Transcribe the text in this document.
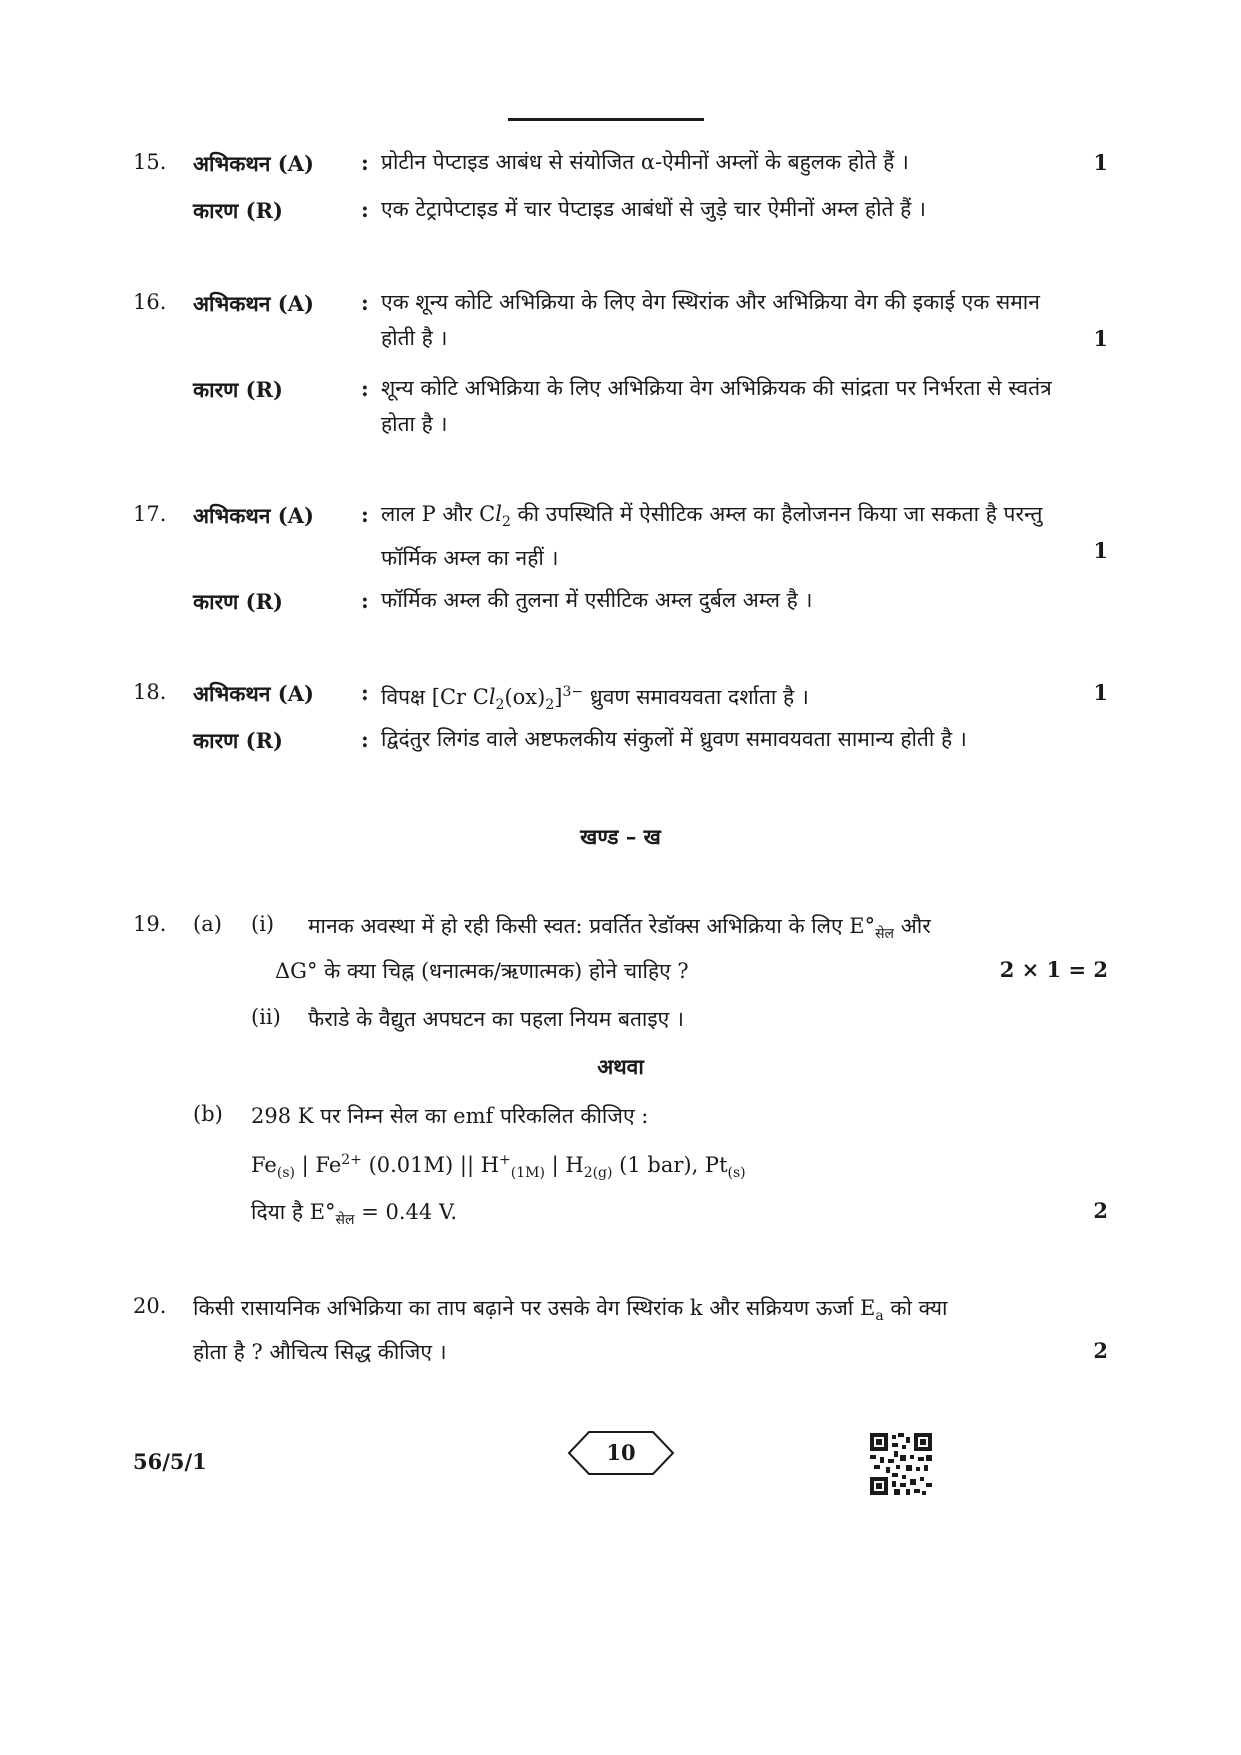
15. अभिकथन (A) : प्रोटीन पेप्टाइड आबंध से संयोजित α-ऐमीनों अम्लों के बहुलक होते हैं ।	1
कारण (R)	: एक टेट्रापेप्टाइड में चार पेप्टाइड आबंधों से जुड़े चार ऐमीनों अम्ल होते हैं ।
16. अभिकथन (A) : एक शून्य कोटि अभिक्रिया के लिए वेग स्थिरांक और अभिक्रिया वेग की इकाई एक समान होती है ।	1
कारण (R)	: शून्य कोटि अभिक्रिया के लिए अभिक्रिया वेग अभिक्रियक की सांद्रता पर निर्भरता से स्वतंत्र होता है ।
17. अभिकथन (A) : लाल P और $Cl_2$ की उपस्थिति में ऐसीटिक अम्ल का हैलोजनन किया जा सकता है परन्तु फॉर्मिक अम्ल का नहीं ।	1
कारण (R)	: फॉर्मिक अम्ल की तुलना में एसीटिक अम्ल दुर्बल अम्ल है ।
18. अभिकथन (A) : विपक्ष [Cr $Cl_2(ox)_2]^{3-}$ ध्रुवण समावयवता दर्शाता है ।	1
कारण (R)	: द्विदंतुर लिगंड वाले अष्टफलकीय संकुलों में ध्रुवण समावयवता सामान्य होती है ।
खण्ड – ख
19. (a) (i) मानक अवस्था में हो रही किसी स्वत: प्रवर्तित रेडॉक्स अभिक्रिया के लिए $E^\circ_{सेल}$ और
ΔG° के क्या चिह्न (धनात्मक/ऋणात्मक) होने चाहिए ?	2 × 1 = 2
(ii) फैराडे के वैद्युत अपघटन का पहला नियम बताइए ।
अथवा
(b) 298 K पर निम्न सेल का emf परिकलित कीजिए :
$Fe_{(s)}$ | $Fe^{2+}$ (0.01M) || $H^+_{(1M)}$ | $H_{2(g)}$ (1 bar), $Pt_{(s)}$
दिया है $E^\circ_{सेल} = 0.44$ V.	2
20. किसी रासायनिक अभिक्रिया का ताप बढ़ाने पर उसके वेग स्थिरांक k और सक्रियण ऊर्जा $E_a$ को क्या
होता है ? औचित्य सिद्ध कीजिए ।	2
56/5/1	10
